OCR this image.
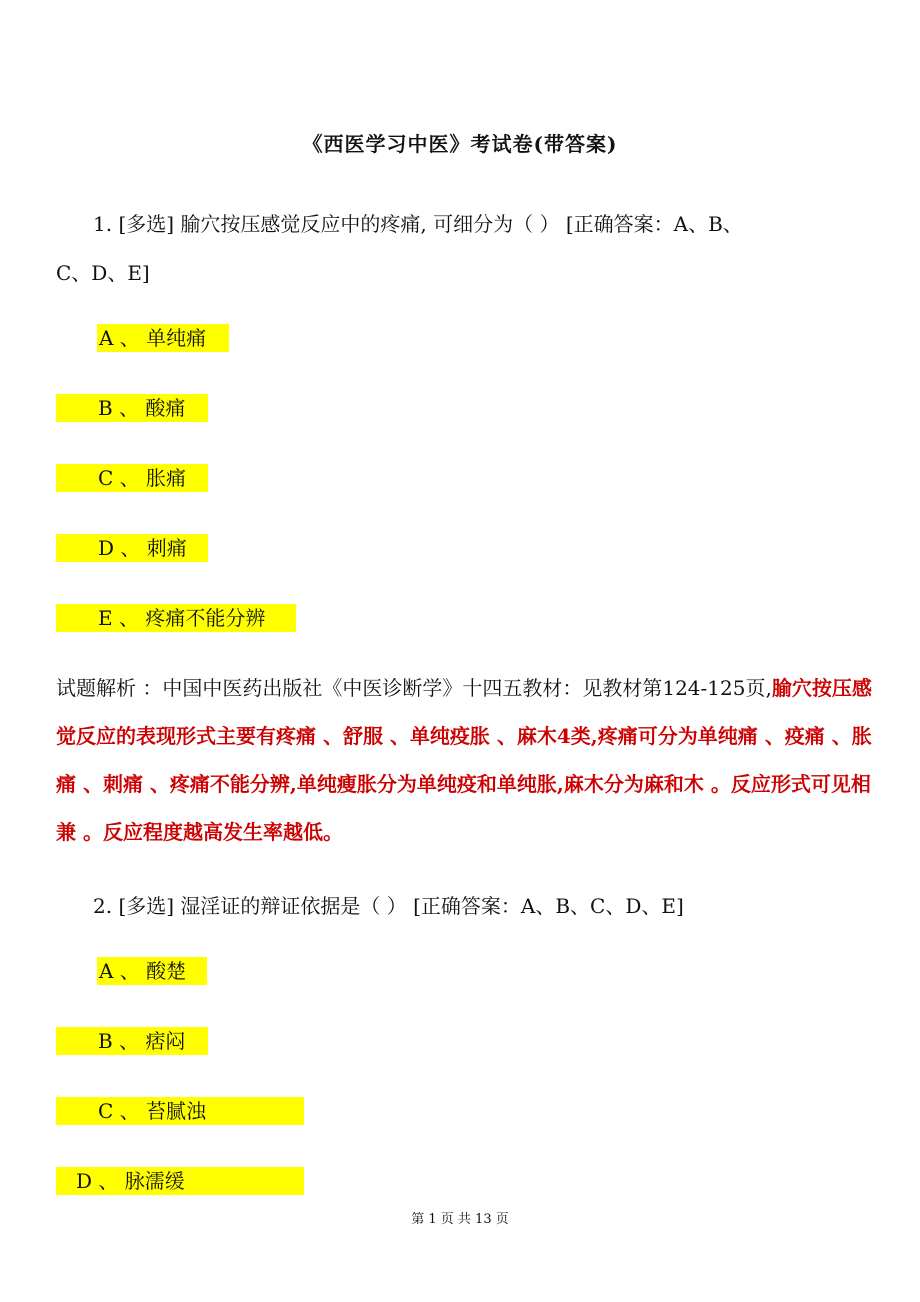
《西医学习中医》考试卷(带答案)
1. [多选] 腧穴按压感觉反应中的疼痛, 可细分为（ ） [正确答案：A、B、
C、D、E]
A 、 单纯痛
B 、 酸痛
C 、 胀痛
D 、 刺痛
E 、 疼痛不能分辨
试题解析 ：中国中医药出版社《中医诊断学》十四五教材：见教材第124-125页,腧穴按压感觉反应的表现形式主要有疼痛 、舒服 、单纯疫胀 、麻木4类,疼痛可分为单纯痛 、疫痛 、胀痛 、刺痛 、疼痛不能分辨,单纯瘦胀分为单纯疫和单纯胀,麻木分为麻和木 。反应形式可见相兼 。反应程度越高发生率越低。
2. [多选] 湿淫证的辩证依据是（ ） [正确答案：A、B、C、D、E]
A 、 酸楚
B 、 痞闷
C 、 苔腻浊
D 、 脉濡缓
第 1 页 共 13 页
